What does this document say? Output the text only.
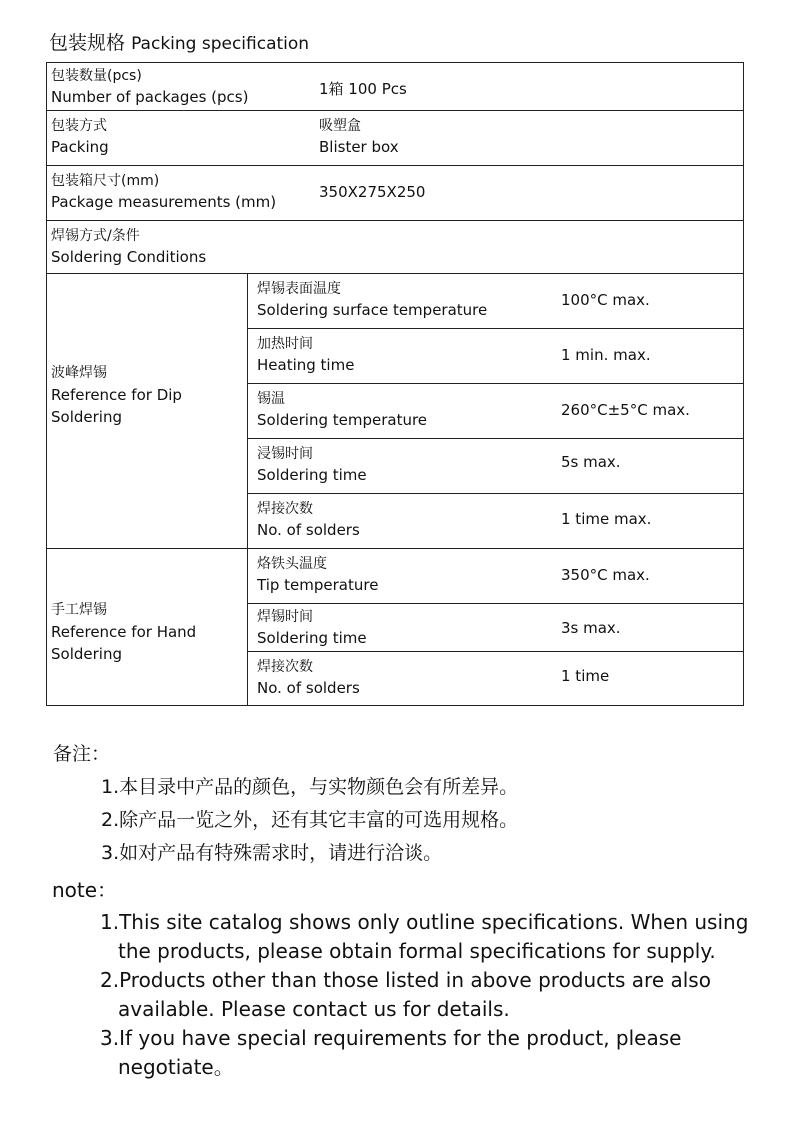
包装规格 Packing specification
包装数量(pcs)
Number of packages (pcs)	1箱 100 Pcs
包装方式
Packing
吸塑盒
Blister box
包装箱尺寸(mm)
Package measurements (mm)
350X275X250
焊锡方式/条件
Soldering Conditions
波峰焊锡
Reference for Dip
Soldering
焊锡表面温度
Soldering surface temperature
100°C max.
加热时间
Heating time
1 min. max.
锡温
Soldering temperature
260°C±5°C max.
浸锡时间
Soldering time
5s max.
焊接次数
No. of solders
1 time max.
手工焊锡
Reference for Hand
Soldering
烙铁头温度
Tip temperature
350°C max.
焊锡时间
Soldering time
3s max.
焊接次数
No. of solders
1 time
备注：
1.本目录中产品的颜色，与实物颜色会有所差异。
2.除产品一览之外，还有其它丰富的可选用规格。
3.如对产品有特殊需求时，请进行洽谈。
note：
1.This site catalog shows only outline specifications. When using the products, please obtain formal specifications for supply.
2.Products other than those listed in above products are also available. Please contact us for details.
3.If you have special requirements for the product, please negotiate。
